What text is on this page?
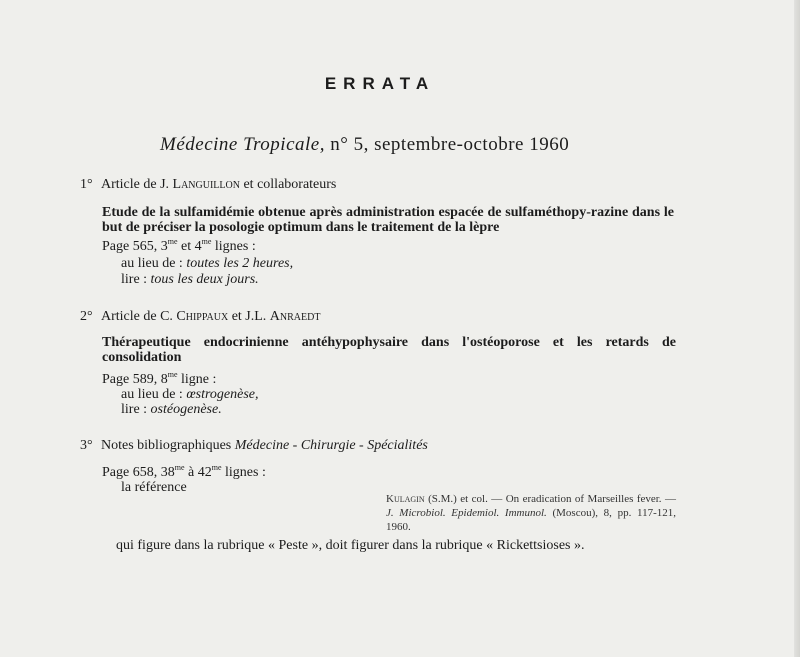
ERRATA
Médecine Tropicale, n° 5, septembre-octobre 1960
1° Article de J. Languillon et collaborateurs
Etude de la sulfamidémie obtenue après administration espacée de sulfaméthopy-razine dans le but de préciser la posologie optimum dans le traitement de la lèpre
Page 565, $3^{me}$ et $4^{me}$ lignes :
au lieu de : toutes les 2 heures,
lire : tous les deux jours.
2° Article de C. Chippaux et J.L. Anraedt
Thérapeutique endocrinienne antéhypophysaire dans l'ostéoporose et les retards de
consolidation
Page 589, $8^{me}$ ligne :
au lieu de : œstrogenèse,
lire : ostéogenèse.
3° Notes bibliographiques Médecine - Chirurgie - Spécialités
Page 658, $38^{me}$ à $42^{me}$ lignes :
la référence
Kulagin (S.M.) et col. — On eradication of Marseilles fever. — J. Microbiol. Epidemiol. Immunol. (Moscou), 8, pp. 117-121, 1960.
qui figure dans la rubrique « Peste », doit figurer dans la rubrique « Rickettsioses ».
